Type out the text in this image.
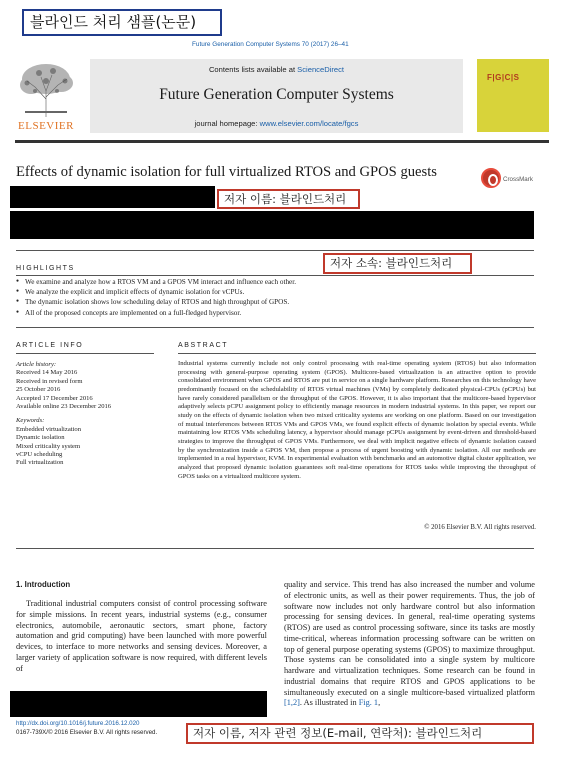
블라인드 처리 샘플(논문)
Future Generation Computer Systems 70 (2017) 26–41
ELSEVIER
Contents lists available at ScienceDirect
Future Generation Computer Systems
journal homepage: www.elsevier.com/locate/fgcs
F|G|C|S
Effects of dynamic isolation for full virtualized RTOS and GPOS guests	CrossMark
저자 이름: 블라인드처리
저자 소속: 블라인드처리
HIGHLIGHTS
● We examine and analyze how a RTOS VM and a GPOS VM interact and influence each other.
● We analyze the explicit and implicit effects of dynamic isolation for vCPUs.
● The dynamic isolation shows low scheduling delay of RTOS and high throughput of GPOS.
● All of the proposed concepts are implemented on a full-fledged hypervisor.
ARTICLE INFO	ABSTRACT
Article history:
Received 14 May 2016
Received in revised form
25 October 2016
Accepted 17 December 2016
Available online 23 December 2016
Keywords:
Embedded virtualization
Dynamic isolation
Mixed criticality system
vCPU scheduling
Full virtualization
Industrial systems currently include not only control processing with real-time operating system (RTOS) but also information processing with general-purpose operating system (GPOS). Multicore-based virtualization is an attractive option to provide consolidated environment when GPOS and RTOS are put in service on a single hardware platform. Researches on this technology have predominantly focused on the schedulability of RTOS virtual machines (VMs) by completely dedicated physical-CPUs (pCPUs) but have rarely considered parallelism or the throughput of the GPOS. However, it is also important that the multicore-based hypervisor adaptively selects pCPU assignment policy to efficiently manage resources in modern industrial systems. In this paper, we report our study on the effects of dynamic isolation when two mixed criticality systems are working on one platform. Based on our investigation of mutual interferences between RTOS VMs and GPOS VMs, we found explicit effects of dynamic isolation by special events. While maintaining low RTOS VMs scheduling latency, a hypervisor should manage pCPUs assignment by event-driven and threshold-based strategies to improve the throughput of GPOS VMs. Furthermore, we deal with implicit negative effects of dynamic isolation caused by the synchronization inside a GPOS VM, then propose a process of urgent boosting with dynamic isolation. All our methods are implemented in a real hypervisor, KVM. In experimental evaluation with benchmarks and an automotive digital cluster application, we analyzed that proposed dynamic isolation guarantees soft real-time operations for RTOS tasks while improving the throughput of GPOS tasks on a virtualized multicore system.
© 2016 Elsevier B.V. All rights reserved.
1. Introduction
Traditional industrial computers consist of control processing software for simple missions. In recent years, industrial systems (e.g., consumer electronics, automobile, aeronautic sectors, smart phone, factory automation and grid computing) have been launched with more powerful devices, to interface to more networks and sensing devices. Moreover, a larger variety of application software is now required, with different levels of
quality and service. This trend has also increased the number and volume of electronic units, as well as their power requirements. Thus, the job of software now includes not only hardware control but also information processing for sensing devices. In general, real-time operating systems (RTOS) are used as control processing software, since its tasks are mostly time-critical, whereas information processing software can be written on top of general purpose operating systems (GPOS) to maximize throughput. Those systems can be consolidated into a single system by multicore hardware and virtualization techniques. Some research can be found in industrial domains that require RTOS and GPOS applications to be simultaneously executed on a single multicore-based virtualized platform [1,2]. As illustrated in Fig. 1,
http://dx.doi.org/10.1016/j.future.2016.12.020
0167-739X/© 2016 Elsevier B.V. All rights reserved.	저자 이름, 저자 관련 정보(E-mail, 연락처): 블라인드처리
